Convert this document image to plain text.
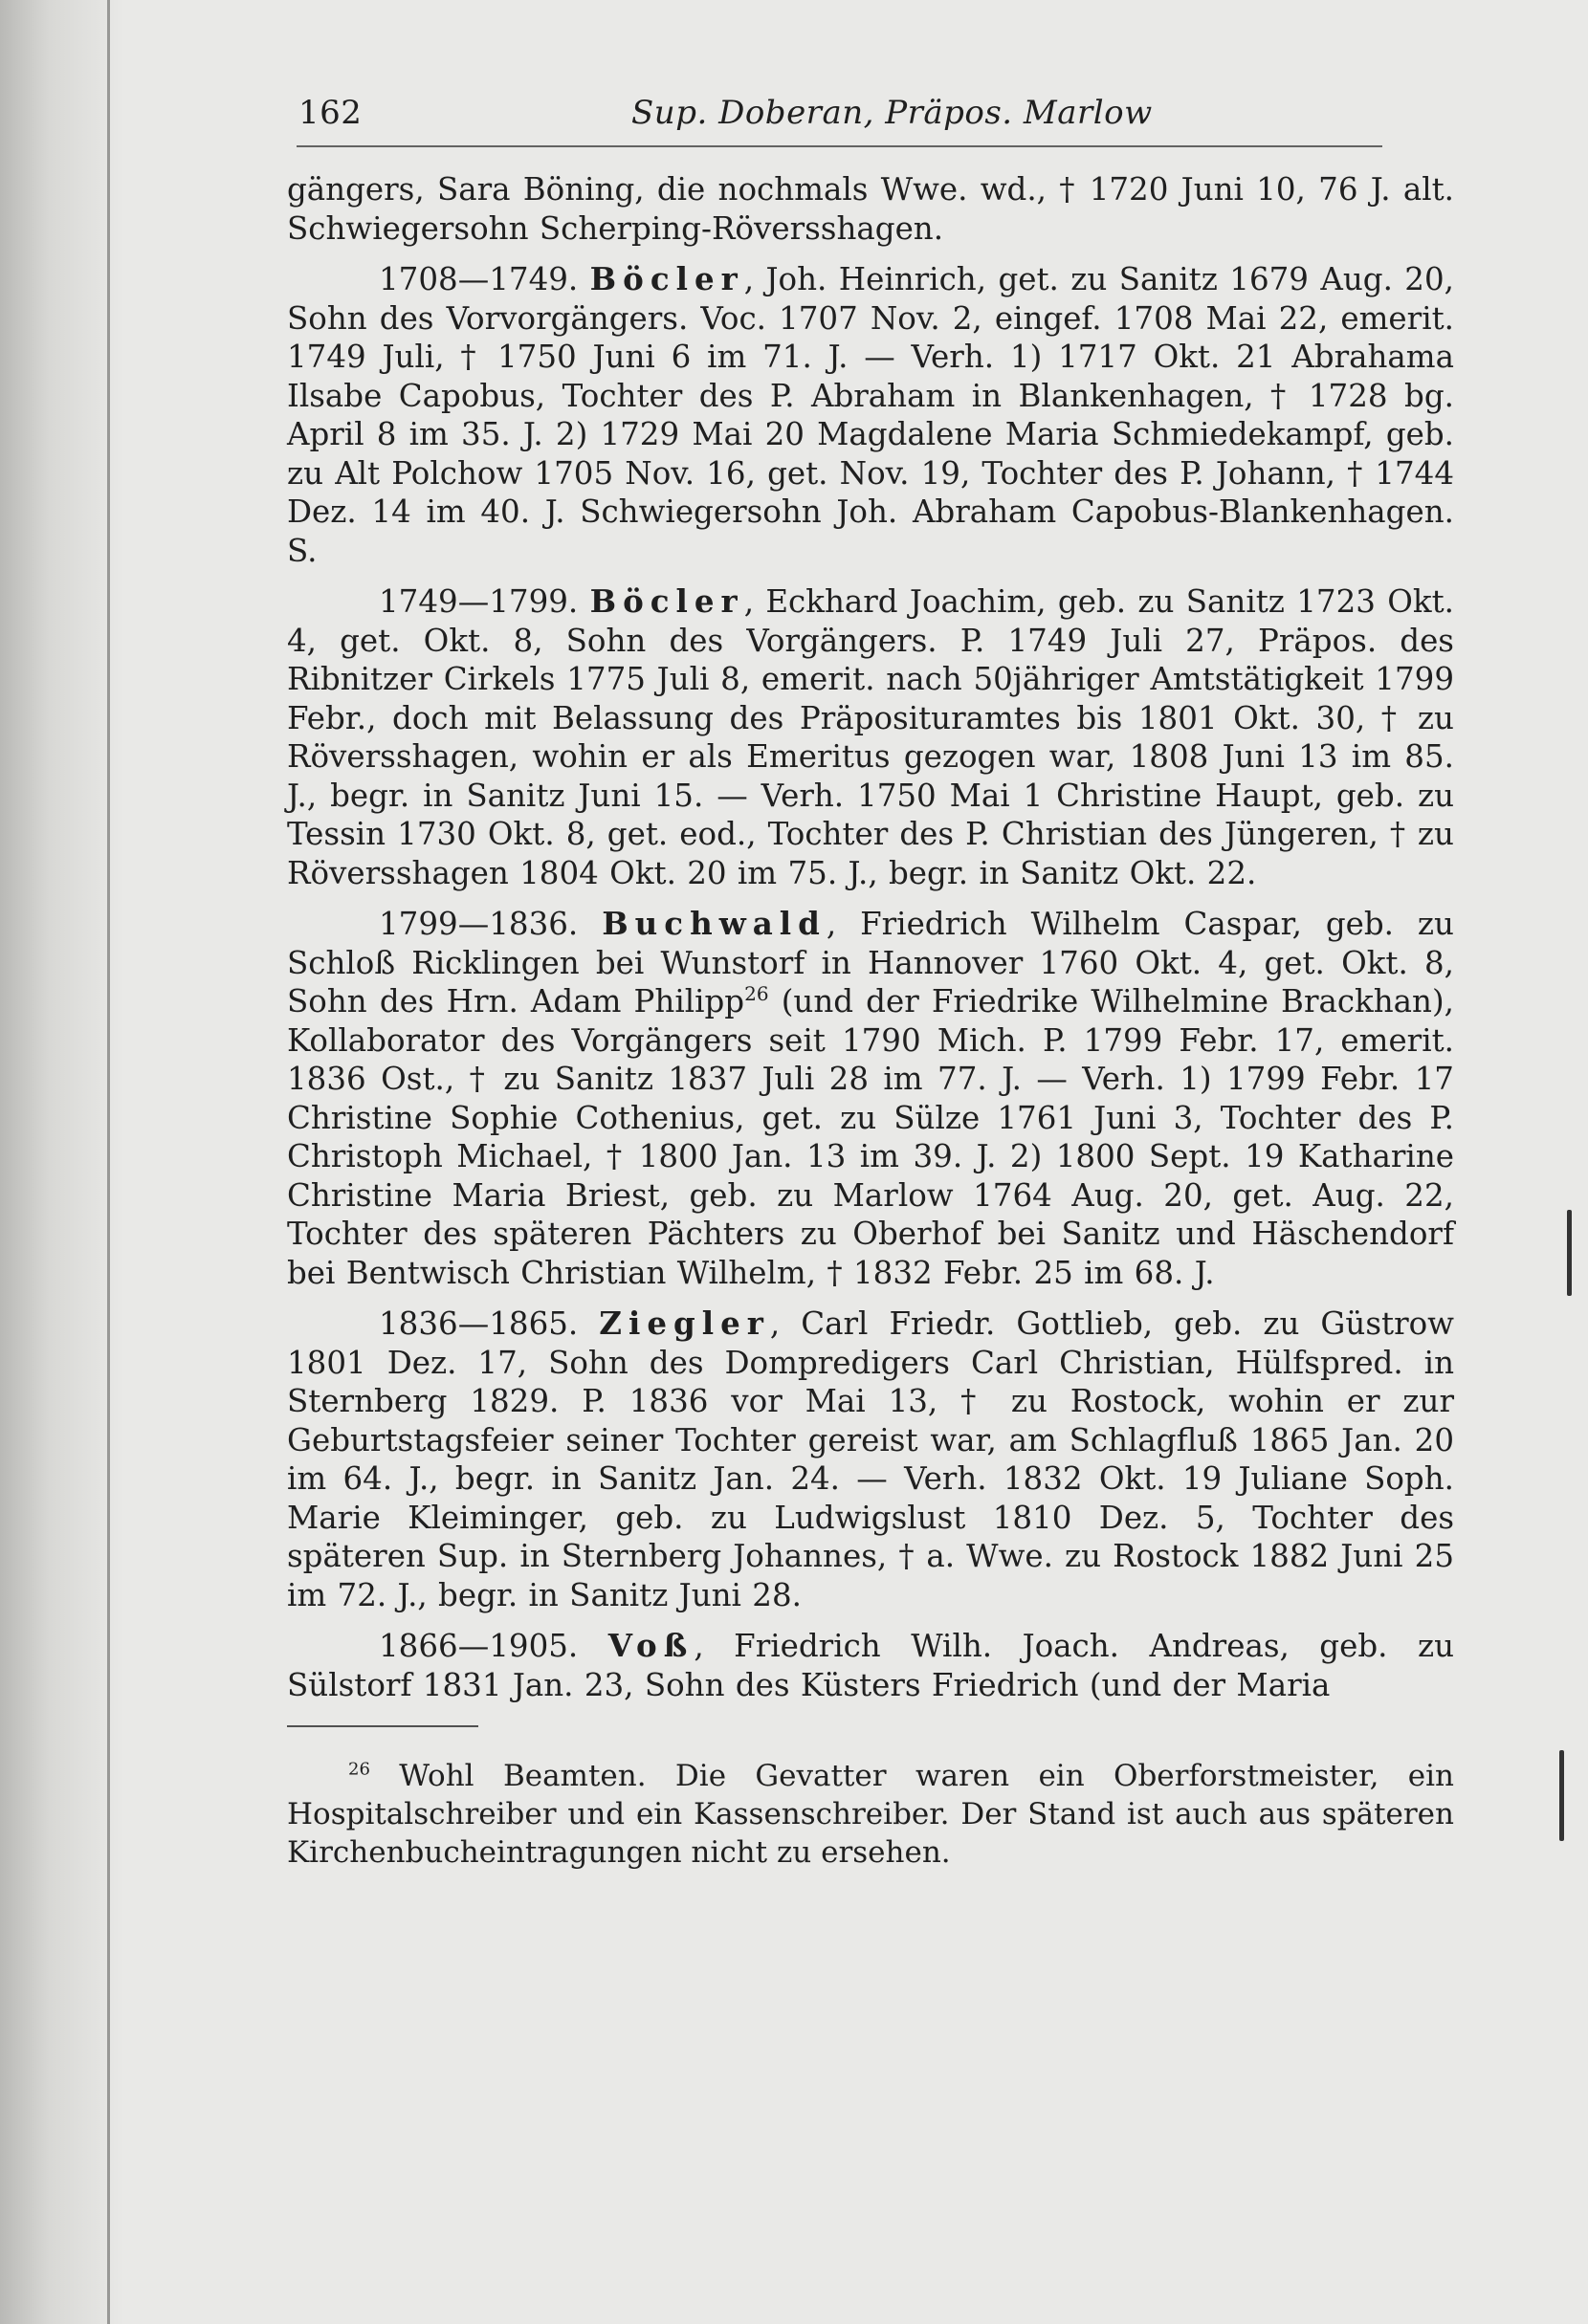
162	Sup. Doberan, Präpos. Marlow

gängers, Sara Böning, die nochmals Wwe. wd., † 1720 Juni 10, 76 J. alt. Schwiegersohn Scherping-Röversshagen.

1708—1749. Böcler, Joh. Heinrich, get. zu Sanitz 1679 Aug. 20, Sohn des Vorvorgängers. Voc. 1707 Nov. 2, eingef. 1708 Mai 22, emerit. 1749 Juli, † 1750 Juni 6 im 71. J. — Verh. 1) 1717 Okt. 21 Abrahama Ilsabe Capobus, Tochter des P. Abraham in Blankenhagen, † 1728 bg. April 8 im 35. J. 2) 1729 Mai 20 Magdalene Maria Schmiedekampf, geb. zu Alt Polchow 1705 Nov. 16, get. Nov. 19, Tochter des P. Johann, † 1744 Dez. 14 im 40. J. Schwiegersohn Joh. Abraham Capobus-Blankenhagen. S.

1749—1799. Böcler, Eckhard Joachim, geb. zu Sanitz 1723 Okt. 4, get. Okt. 8, Sohn des Vorgängers. P. 1749 Juli 27, Präpos. des Ribnitzer Cirkels 1775 Juli 8, emerit. nach 50jähriger Amtstätigkeit 1799 Febr., doch mit Belassung des Präposituramtes bis 1801 Okt. 30, † zu Röversshagen, wohin er als Emeritus gezogen war, 1808 Juni 13 im 85. J., begr. in Sanitz Juni 15. — Verh. 1750 Mai 1 Christine Haupt, geb. zu Tessin 1730 Okt. 8, get. eod., Tochter des P. Christian des Jüngeren, † zu Röversshagen 1804 Okt. 20 im 75. J., begr. in Sanitz Okt. 22.

1799—1836. Buchwald, Friedrich Wilhelm Caspar, geb. zu Schloß Ricklingen bei Wunstorf in Hannover 1760 Okt. 4, get. Okt. 8, Sohn des Hrn. Adam Philipp$^{26}$ (und der Friedrike Wilhelmine Brackhan), Kollaborator des Vorgängers seit 1790 Mich. P. 1799 Febr. 17, emerit. 1836 Ost., † zu Sanitz 1837 Juli 28 im 77. J. — Verh. 1) 1799 Febr. 17 Christine Sophie Cothenius, get. zu Sülze 1761 Juni 3, Tochter des P. Christoph Michael, † 1800 Jan. 13 im 39. J. 2) 1800 Sept. 19 Katharine Christine Maria Briest, geb. zu Marlow 1764 Aug. 20, get. Aug. 22, Tochter des späteren Pächters zu Oberhof bei Sanitz und Häschendorf bei Bentwisch Christian Wilhelm, † 1832 Febr. 25 im 68. J.

1836—1865. Ziegler, Carl Friedr. Gottlieb, geb. zu Güstrow 1801 Dez. 17, Sohn des Dompredigers Carl Christian, Hülfspred. in Sternberg 1829. P. 1836 vor Mai 13, † zu Rostock, wohin er zur Geburtstagsfeier seiner Tochter gereist war, am Schlagfluß 1865 Jan. 20 im 64. J., begr. in Sanitz Jan. 24. — Verh. 1832 Okt. 19 Juliane Soph. Marie Kleiminger, geb. zu Ludwigslust 1810 Dez. 5, Tochter des späteren Sup. in Sternberg Johannes, † a. Wwe. zu Rostock 1882 Juni 25 im 72. J., begr. in Sanitz Juni 28.

1866—1905. Voß, Friedrich Wilh. Joach. Andreas, geb. zu Sülstorf 1831 Jan. 23, Sohn des Küsters Friedrich (und der Maria

$^{26}$ Wohl Beamten. Die Gevatter waren ein Oberforstmeister, ein Hospitalschreiber und ein Kassenschreiber. Der Stand ist auch aus späteren Kirchenbucheintragungen nicht zu ersehen.
